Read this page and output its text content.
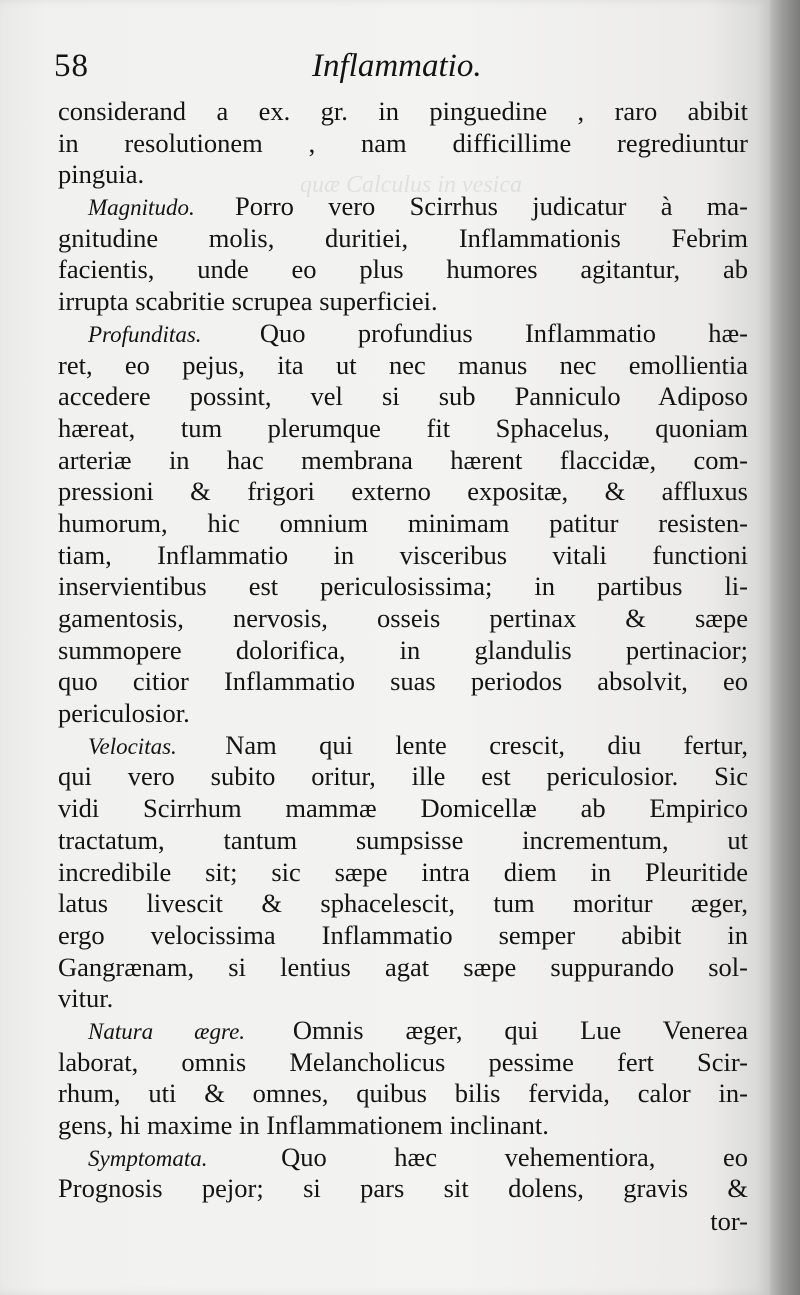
quæ Calculus in vesica
58	Inflammatio.
considerand a ex. gr. in pinguedine , raro abibit
in resolutionem , nam difficillime regrediuntur
pinguia.
Magnitudo. Porro vero Scirrhus judicatur à ma-
gnitudine molis, duritiei, Inflammationis Febrim
facientis, unde eo plus humores agitantur, ab
irrupta scabritie scrupea superficiei.
Profunditas. Quo profundius Inflammatio hæ-
ret, eo pejus, ita ut nec manus nec emollientia
accedere possint, vel si sub Panniculo Adiposo
hæreat, tum plerumque fit Sphacelus, quoniam
arteriæ in hac membrana hærent flaccidæ, com-
pressioni & frigori externo expositæ, & affluxus
humorum, hic omnium minimam patitur resisten-
tiam, Inflammatio in visceribus vitali functioni
inservientibus est periculosissima; in partibus li-
gamentosis, nervosis, osseis pertinax & sæpe
summopere dolorifica, in glandulis pertinacior;
quo citior Inflammatio suas periodos absolvit, eo
periculosior.
Velocitas. Nam qui lente crescit, diu fertur,
qui vero subito oritur, ille est periculosior. Sic
vidi Scirrhum mammæ Domicellæ ab Empirico
tractatum, tantum sumpsisse incrementum, ut
incredibile sit; sic sæpe intra diem in Pleuritide
latus livescit & sphacelescit, tum moritur æger,
ergo velocissima Inflammatio semper abibit in
Gangrænam, si lentius agat sæpe suppurando sol-
vitur.
Natura ægre. Omnis æger, qui Lue Venerea
laborat, omnis Melancholicus pessime fert Scir-
rhum, uti & omnes, quibus bilis fervida, calor in-
gens, hi maxime in Inflammationem inclinant.
Symptomata.	Quo hæc vehementiora, eo
Prognosis pejor; si pars sit dolens, gravis &
tor-
